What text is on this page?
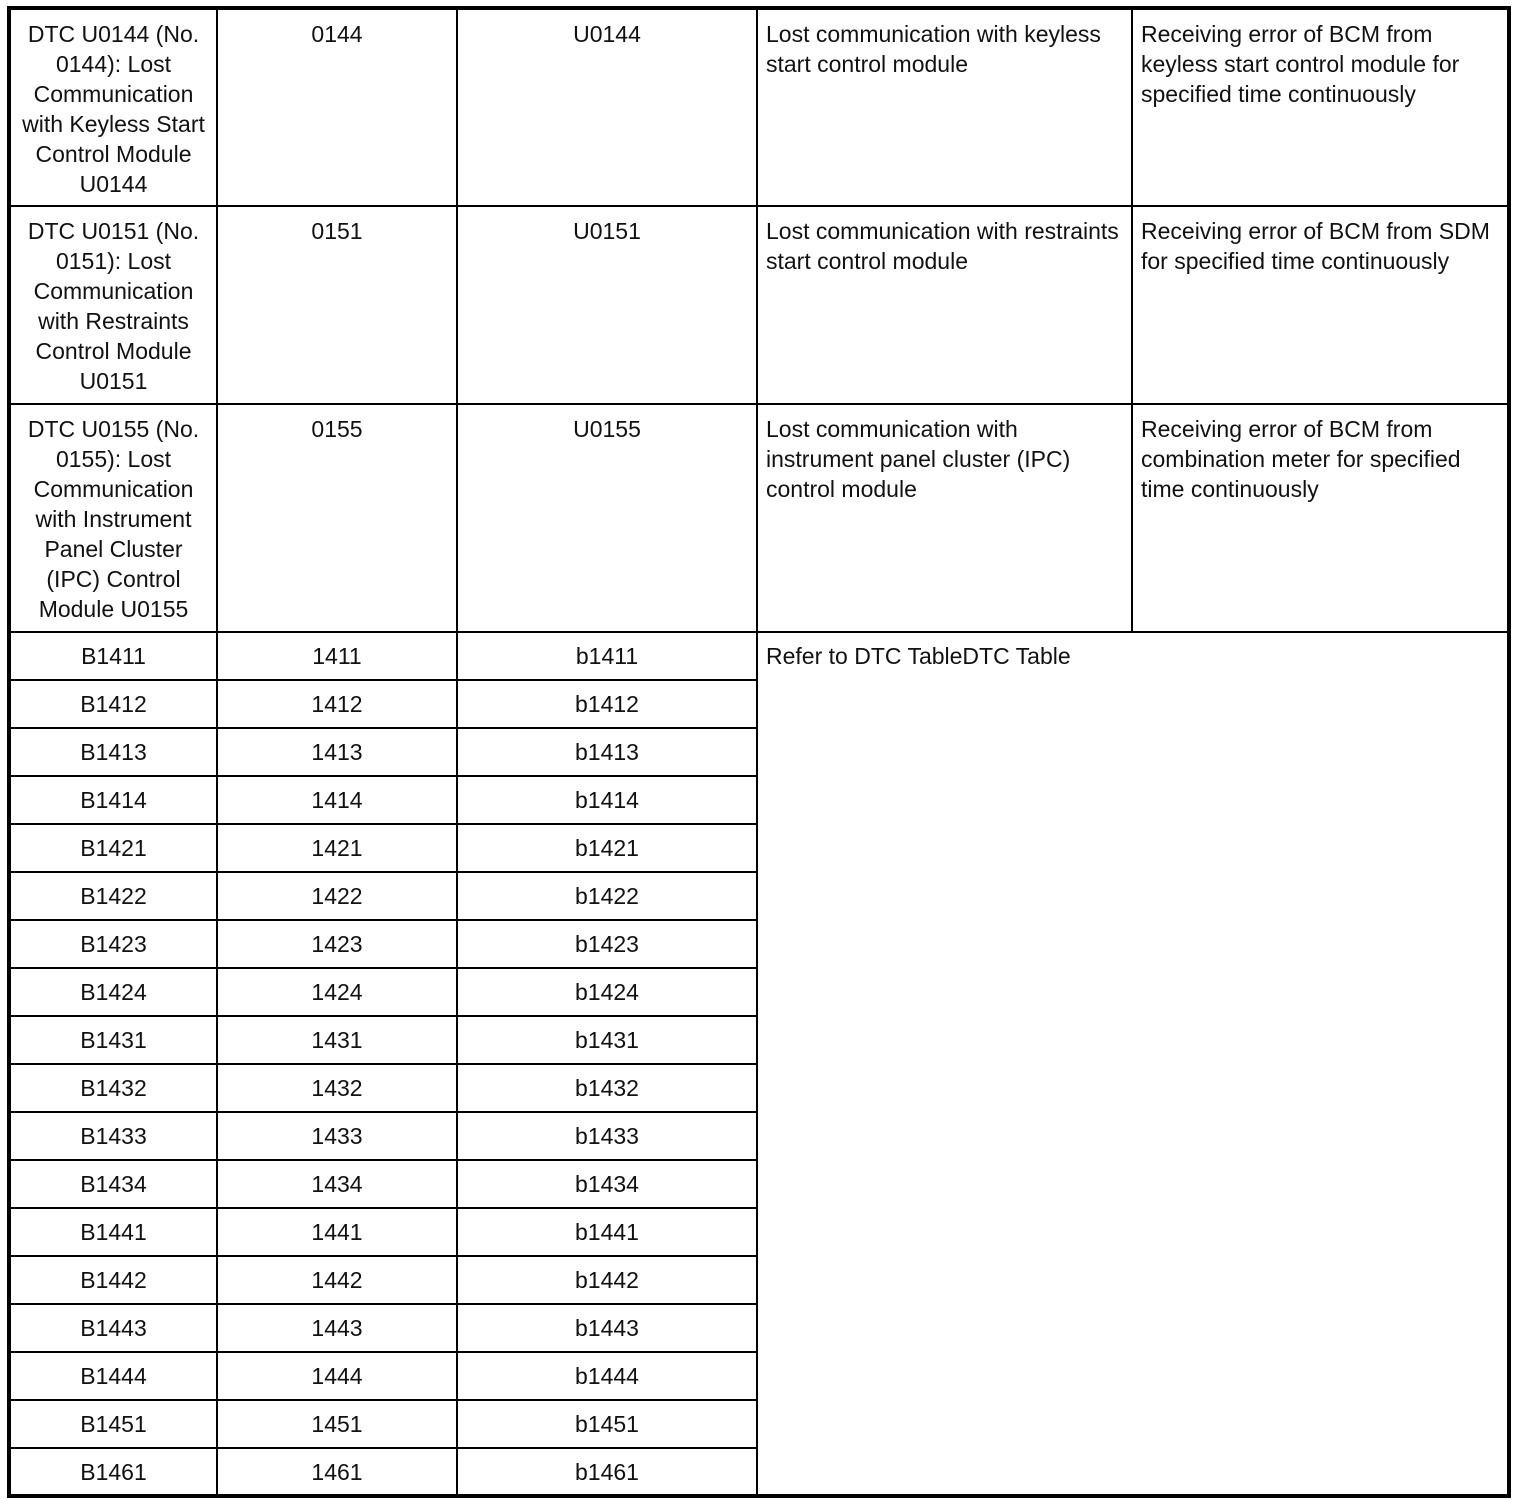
DTC U0144 (No. 0144): Lost Communication with Keyless Start Control Module U0144	0144	U0144	Lost communication with keyless start control module	Receiving error of BCM from keyless start control module for specified time continuously
DTC U0151 (No. 0151): Lost Communication with Restraints Control Module U0151	0151	U0151	Lost communication with restraints start control module	Receiving error of BCM from SDM for specified time continuously
DTC U0155 (No. 0155): Lost Communication with Instrument Panel Cluster (IPC) Control Module U0155	0155	U0155	Lost communication with instrument panel cluster (IPC) control module	Receiving error of BCM from combination meter for specified time continuously
B1411	1411	b1411	Refer to DTC TableDTC Table	
B1412	1412	b1412		
B1413	1413	b1413		
B1414	1414	b1414		
B1421	1421	b1421		
B1422	1422	b1422		
B1423	1423	b1423		
B1424	1424	b1424		
B1431	1431	b1431		
B1432	1432	b1432		
B1433	1433	b1433		
B1434	1434	b1434		
B1441	1441	b1441		
B1442	1442	b1442		
B1443	1443	b1443		
B1444	1444	b1444		
B1451	1451	b1451		
B1461	1461	b1461		
